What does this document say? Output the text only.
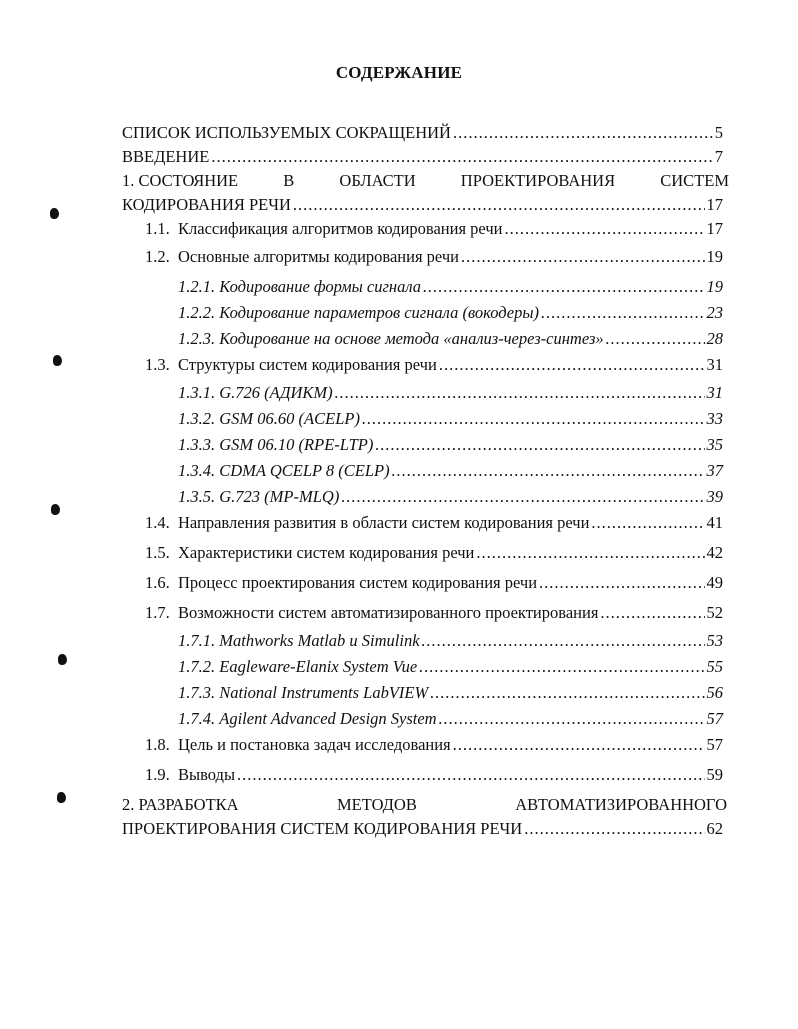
СОДЕРЖАНИЕ
СПИСОК ИСПОЛЬЗУЕМЫХ СОКРАЩЕНИЙ .....	5
ВВЕДЕНИЕ .....	7
1. СОСТОЯНИЕ	В	ОБЛАСТИ	ПРОЕКТИРОВАНИЯ	СИСТЕМ
КОДИРОВАНИЯ РЕЧИ .....	17
1.1. Классификация алгоритмов кодирования речи .....	17
1.2. Основные алгоритмы кодирования речи .....	19
1.2.1. Кодирование формы сигнала .....	19
1.2.2. Кодирование параметров сигнала (вокодеры) .....	23
1.2.3. Кодирование на основе метода «анализ-через-синтез» .....	28
1.3. Структуры систем кодирования речи .....	31
1.3.1. G.726 (АДИКМ) .....	31
1.3.2. GSM 06.60 (ACELP) .....	33
1.3.3. GSM 06.10 (RPE-LTP) .....	35
1.3.4. CDMA QCELP 8 (CELP) .....	37
1.3.5. G.723 (MP-MLQ) .....	39
1.4. Направления развития в области систем кодирования речи .....	41
1.5. Характеристики систем кодирования речи .....	42
1.6. Процесс проектирования систем кодирования речи .....	49
1.7. Возможности систем автоматизированного проектирования .....	52
1.7.1. Mathworks Matlab и Simulink .....	53
1.7.2. Eagleware-Elanix System Vue .....	55
1.7.3. National Instruments LabVIEW .....	56
1.7.4. Agilent Advanced Design System .....	57
1.8. Цель и постановка задач исследования .....	57
1.9. Выводы .....	59
2. РАЗРАБОТКА	МЕТОДОВ	АВТОМАТИЗИРОВАННОГО
ПРОЕКТИРОВАНИЯ СИСТЕМ КОДИРОВАНИЯ РЕЧИ .....	62
